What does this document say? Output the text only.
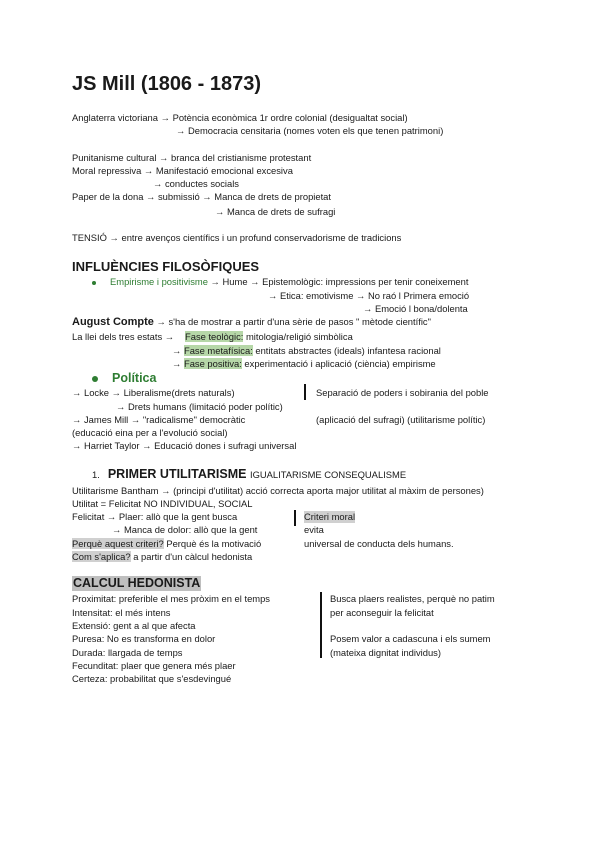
JS Mill (1806 - 1873)
Anglaterra victoriana → Potència econòmica 1r ordre colonial (desigualtat social)
→ Democracia censitaria (nomes voten els que tenen patrimoni)
Punitanisme cultural → branca del cristianisme protestant
Moral repressiva → Manifestació emocional excesiva
→ conductes socials
Paper de la dona → submissió → Manca de drets de propietat
→ Manca de drets de sufragi
TENSIÓ → entre avenços científics i un profund conservadorisme de tradicions
INFLUÈNCIES FILOSÒFIQUES
Empirisme i positivisme → Hume → Epistemològic: impressions per tenir coneixement
→ Etica: emotivisme → No raó l Primera emoció
→ Emoció l bona/dolenta
August Compte → s'ha de mostrar a partir d'una sèrie de pasos " mètode científic"
La llei dels tres estats → Fase teològic: mitologia/religió simbòlica
→ Fase metafísica: entitats abstractes (ideals) infantesa racional
→ Fase positiva: experimentació i aplicació (ciència) empirisme
Política
→ Locke → Liberalisme(drets naturals)	Separació de poders i sobirania del poble
→ Drets humans (limitació poder polític)
→ James Mill → "radicalisme" democràtic	(aplicació del sufragi) (utilitarisme polític)
(educació eina per a l'evolució social)
→ Harriet Taylor → Educació dones i sufragi universal
1. PRIMER UTILITARISME IGUALITARISME CONSEQUALISME
Utilitarisme Bantham → (principi d'utilitat) acció correcta aporta major utilitat al màxim de persones)
Utilitat = Felicitat NO INDIVIDUAL, SOCIAL
Felicitat → Plaer: allò que la gent busca	Criteri moral
→ Manca de dolor: allò que la gent	evita
Perquè aquest criteri? Perquè és la motivació	universal de conducta dels humans.
Com s'aplica? a partir d'un càlcul hedonista
CALCUL HEDONISTA
Proximitat: preferible el mes pròxim en el temps
Intensitat: el més intens
Extensió: gent a al que afecta
Puresa: No es transforma en dolor
Durada: llargada de temps
Fecunditat: plaer que genera més plaer
Certeza: probabilitat que s'esdevingué
Busca plaers realistes, perquè no patim
per aconseguir la felicitat
Posem valor a cadascuna i els sumem
(mateixa dignitat individus)
